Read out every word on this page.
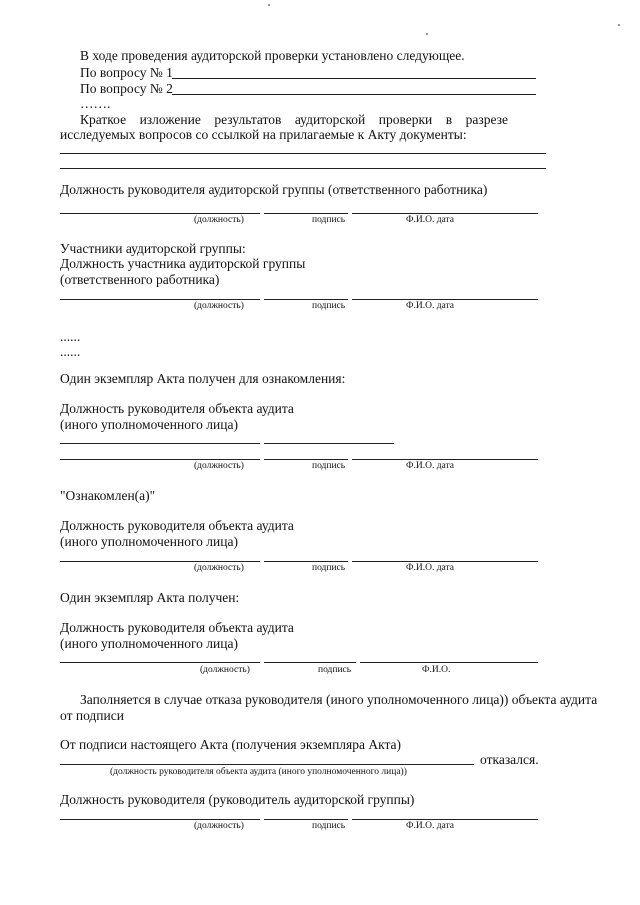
В ходе проведения аудиторской проверки установлено следующее.
По вопросу № 1
По вопросу № 2
…….
Краткое изложение результатов аудиторской проверки в разрезе
исследуемых вопросов со ссылкой на прилагаемые к Акту документы:
Должность руководителя аудиторской группы (ответственного работника)
(должность)	подпись	Ф.И.О. дата
Участники аудиторской группы:
Должность участника аудиторской группы
(ответственного работника)
(должность)	подпись	Ф.И.О. дата
......
......
Один экземпляр Акта получен для ознакомления:
Должность руководителя объекта аудита
(иного уполномоченного лица)
(должность)	подпись	Ф.И.О. дата
"Ознакомлен(а)"
Должность руководителя объекта аудита
(иного уполномоченного лица)
(должность)	подпись	Ф.И.О. дата
Один экземпляр Акта получен:
Должность руководителя объекта аудита
(иного уполномоченного лица)
(должность)	подпись	Ф.И.О.
Заполняется в случае отказа руководителя (иного уполномоченного лица)) объекта аудита
от подписи
От подписи настоящего Акта (получения экземпляра Акта)
отказался.
(должность руководителя объекта аудита (иного уполномоченного лица))
Должность руководителя (руководитель аудиторской группы)
(должность)	подпись	Ф.И.О. дата
